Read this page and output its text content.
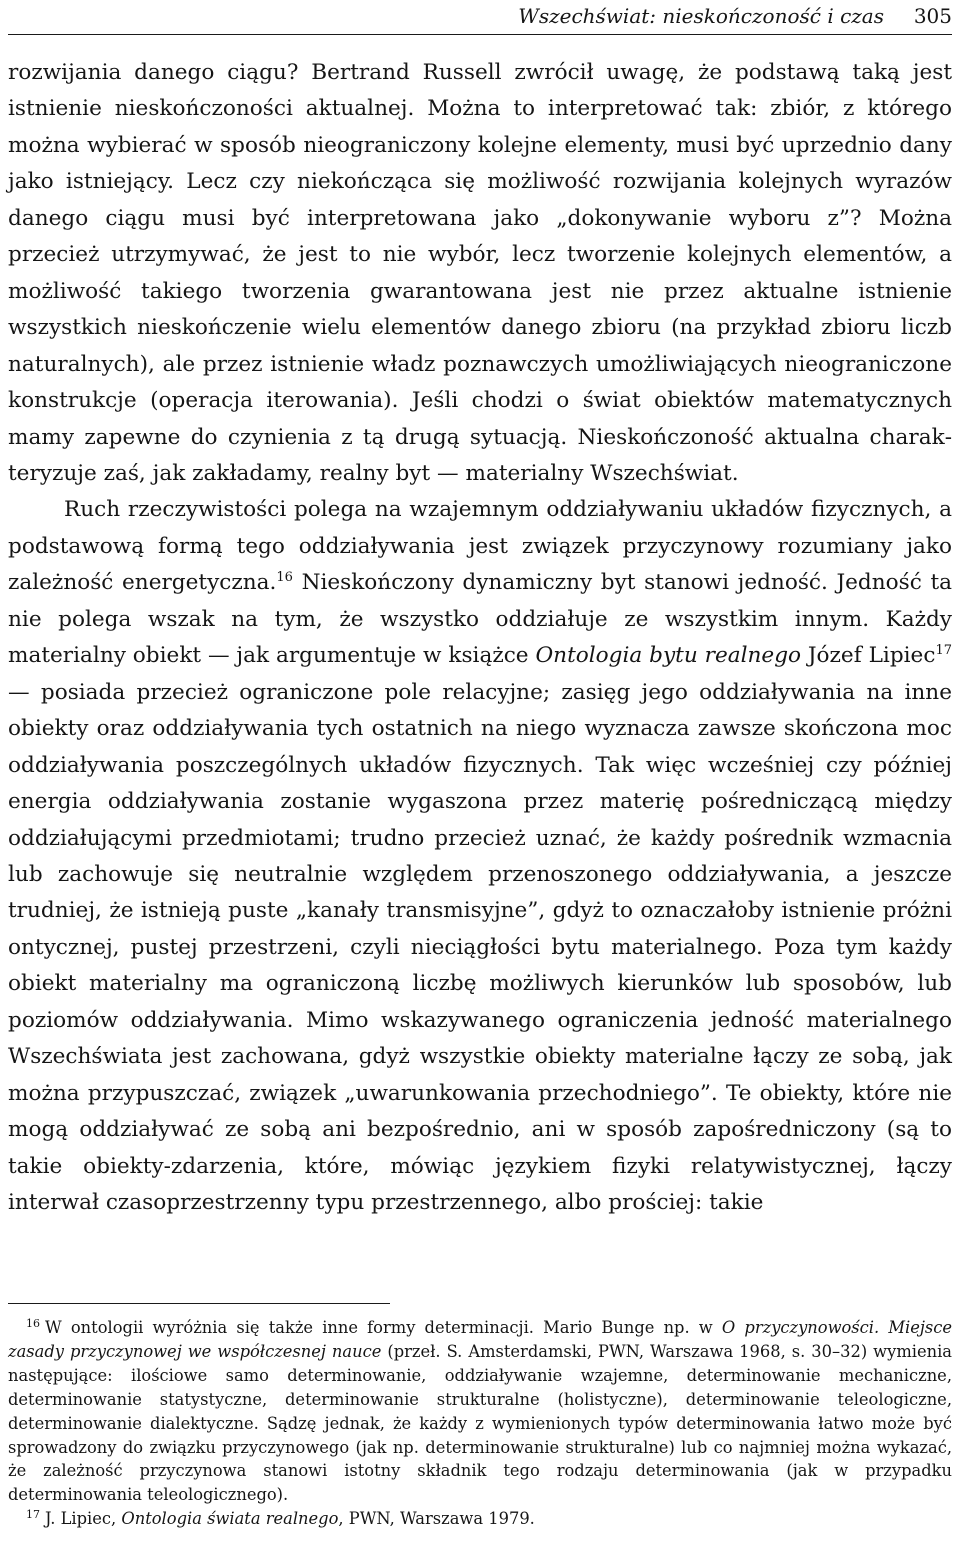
Wszechświat: nieskończoność i czas 305

rozwijania danego ciągu? Bertrand Russell zwrócił uwagę, że podstawą taką jest istnienie nieskończoności aktualnej. Można to interpretować tak: zbiór, z którego można wybierać w sposób nieograniczony kolejne elementy, musi być uprzednio dany jako istniejący. Lecz czy niekończąca się możliwość rozwijania kolejnych wyrazów danego ciągu musi być interpretowana jako „dokonywanie wyboru z”? Można przecież utrzymywać, że jest to nie wybór, lecz tworzenie kolejnych elementów, a możliwość takiego tworzenia gwarantowana jest nie przez aktualne istnienie wszystkich nieskończenie wielu elementów danego zbioru (na przykład zbioru liczb naturalnych), ale przez istnienie władz poznawczych umożliwiających nieograniczone konstrukcje (operacja iterowania). Jeśli chodzi o świat obiektów matematycznych mamy zapewne do czynienia z tą drugą sytuacją. Nieskończoność aktualna charakteryzuje zaś, jak zakładamy, realny byt — materialny Wszechświat.

Ruch rzeczywistości polega na wzajemnym oddziaływaniu układów fizycznych, a podstawową formą tego oddziaływania jest związek przyczynowy rozumiany jako zależność energetyczna.$^{16}$ Nieskończony dynamiczny byt stanowi jedność. Jedność ta nie polega wszak na tym, że wszystko oddziałuje ze wszystkim innym. Każdy materialny obiekt — jak argumentuje w książce Ontologia bytu realnego Józef Lipiec$^{17}$ — posiada przecież ograniczone pole relacyjne; zasięg jego oddziaływania na inne obiekty oraz oddziaływania tych ostatnich na niego wyznacza zawsze skończona moc oddziaływania poszczególnych układów fizycznych. Tak więc wcześniej czy później energia oddziaływania zostanie wygaszona przez materię pośredniczącą między oddziałującymi przedmiotami; trudno przecież uznać, że każdy pośrednik wzmacnia lub zachowuje się neutralnie względem przenoszonego oddziaływania, a jeszcze trudniej, że istnieją puste „kanały transmisyjne”, gdyż to oznaczałoby istnienie próżni ontycznej, pustej przestrzeni, czyli nieciągłości bytu materialnego. Poza tym każdy obiekt materialny ma ograniczoną liczbę możliwych kierunków lub sposobów, lub poziomów oddziaływania. Mimo wskazywanego ograniczenia jedność materialnego Wszechświata jest zachowana, gdyż wszystkie obiekty materialne łączy ze sobą, jak można przypuszczać, związek „uwarunkowania przechodniego”. Te obiekty, które nie mogą oddziaływać ze sobą ani bezpośrednio, ani w sposób zapośredniczony (są to takie obiekty-zdarzenia, które, mówiąc językiem fizyki relatywistycznej, łączy interwał czasoprzestrzenny typu przestrzennego, albo prościej: takie

$^{16}$ W ontologii wyróżnia się także inne formy determinacji. Mario Bunge np. w O przyczynowości. Miejsce zasady przyczynowej we współczesnej nauce (przeł. S. Amsterdamski, PWN, Warszawa 1968, s. 30–32) wymienia następujące: ilościowe samo determinowanie, oddziaływanie wzajemne, determinowanie mechaniczne, determinowanie statystyczne, determinowanie strukturalne (holistyczne), determinowanie teleologiczne, determinowanie dialektyczne. Sądzę jednak, że każdy z wymienionych typów determinowania łatwo może być sprowadzony do związku przyczynowego (jak np. determinowanie strukturalne) lub co najmniej można wykazać, że zależność przyczynowa stanowi istotny składnik tego rodzaju determinowania (jak w przypadku determinowania teleologicznego).

$^{17}$ J. Lipiec, Ontologia świata realnego, PWN, Warszawa 1979.
